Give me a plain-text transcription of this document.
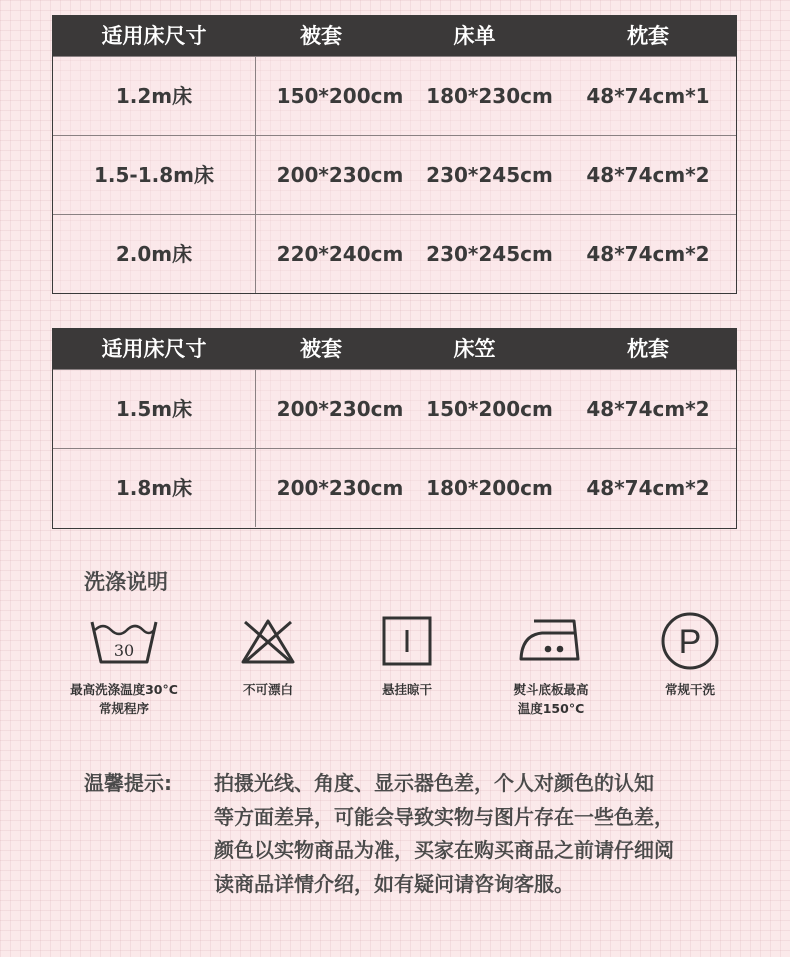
适用床尺寸	被套	床单	枕套
1.2m床	150*200cm	180*230cm	48*74cm*1
1.5-1.8m床	200*230cm	230*245cm	48*74cm*2
2.0m床	220*240cm	230*245cm	48*74cm*2
适用床尺寸	被套	床笠	枕套
1.5m床	200*230cm	150*200cm	48*74cm*2
1.8m床	200*230cm	180*200cm	48*74cm*2
洗涤说明
30
最高洗涤温度30°C
常规程序
不可漂白	悬挂晾干	熨斗底板最高
温度150°C
P
常规干洗
温馨提示: 拍摄光线、角度、显示器色差，个人对颜色的认知
等方面差异，可能会导致实物与图片存在一些色差，
颜色以实物商品为准，买家在购买商品之前请仔细阅
读商品详情介绍，如有疑问请咨询客服。
